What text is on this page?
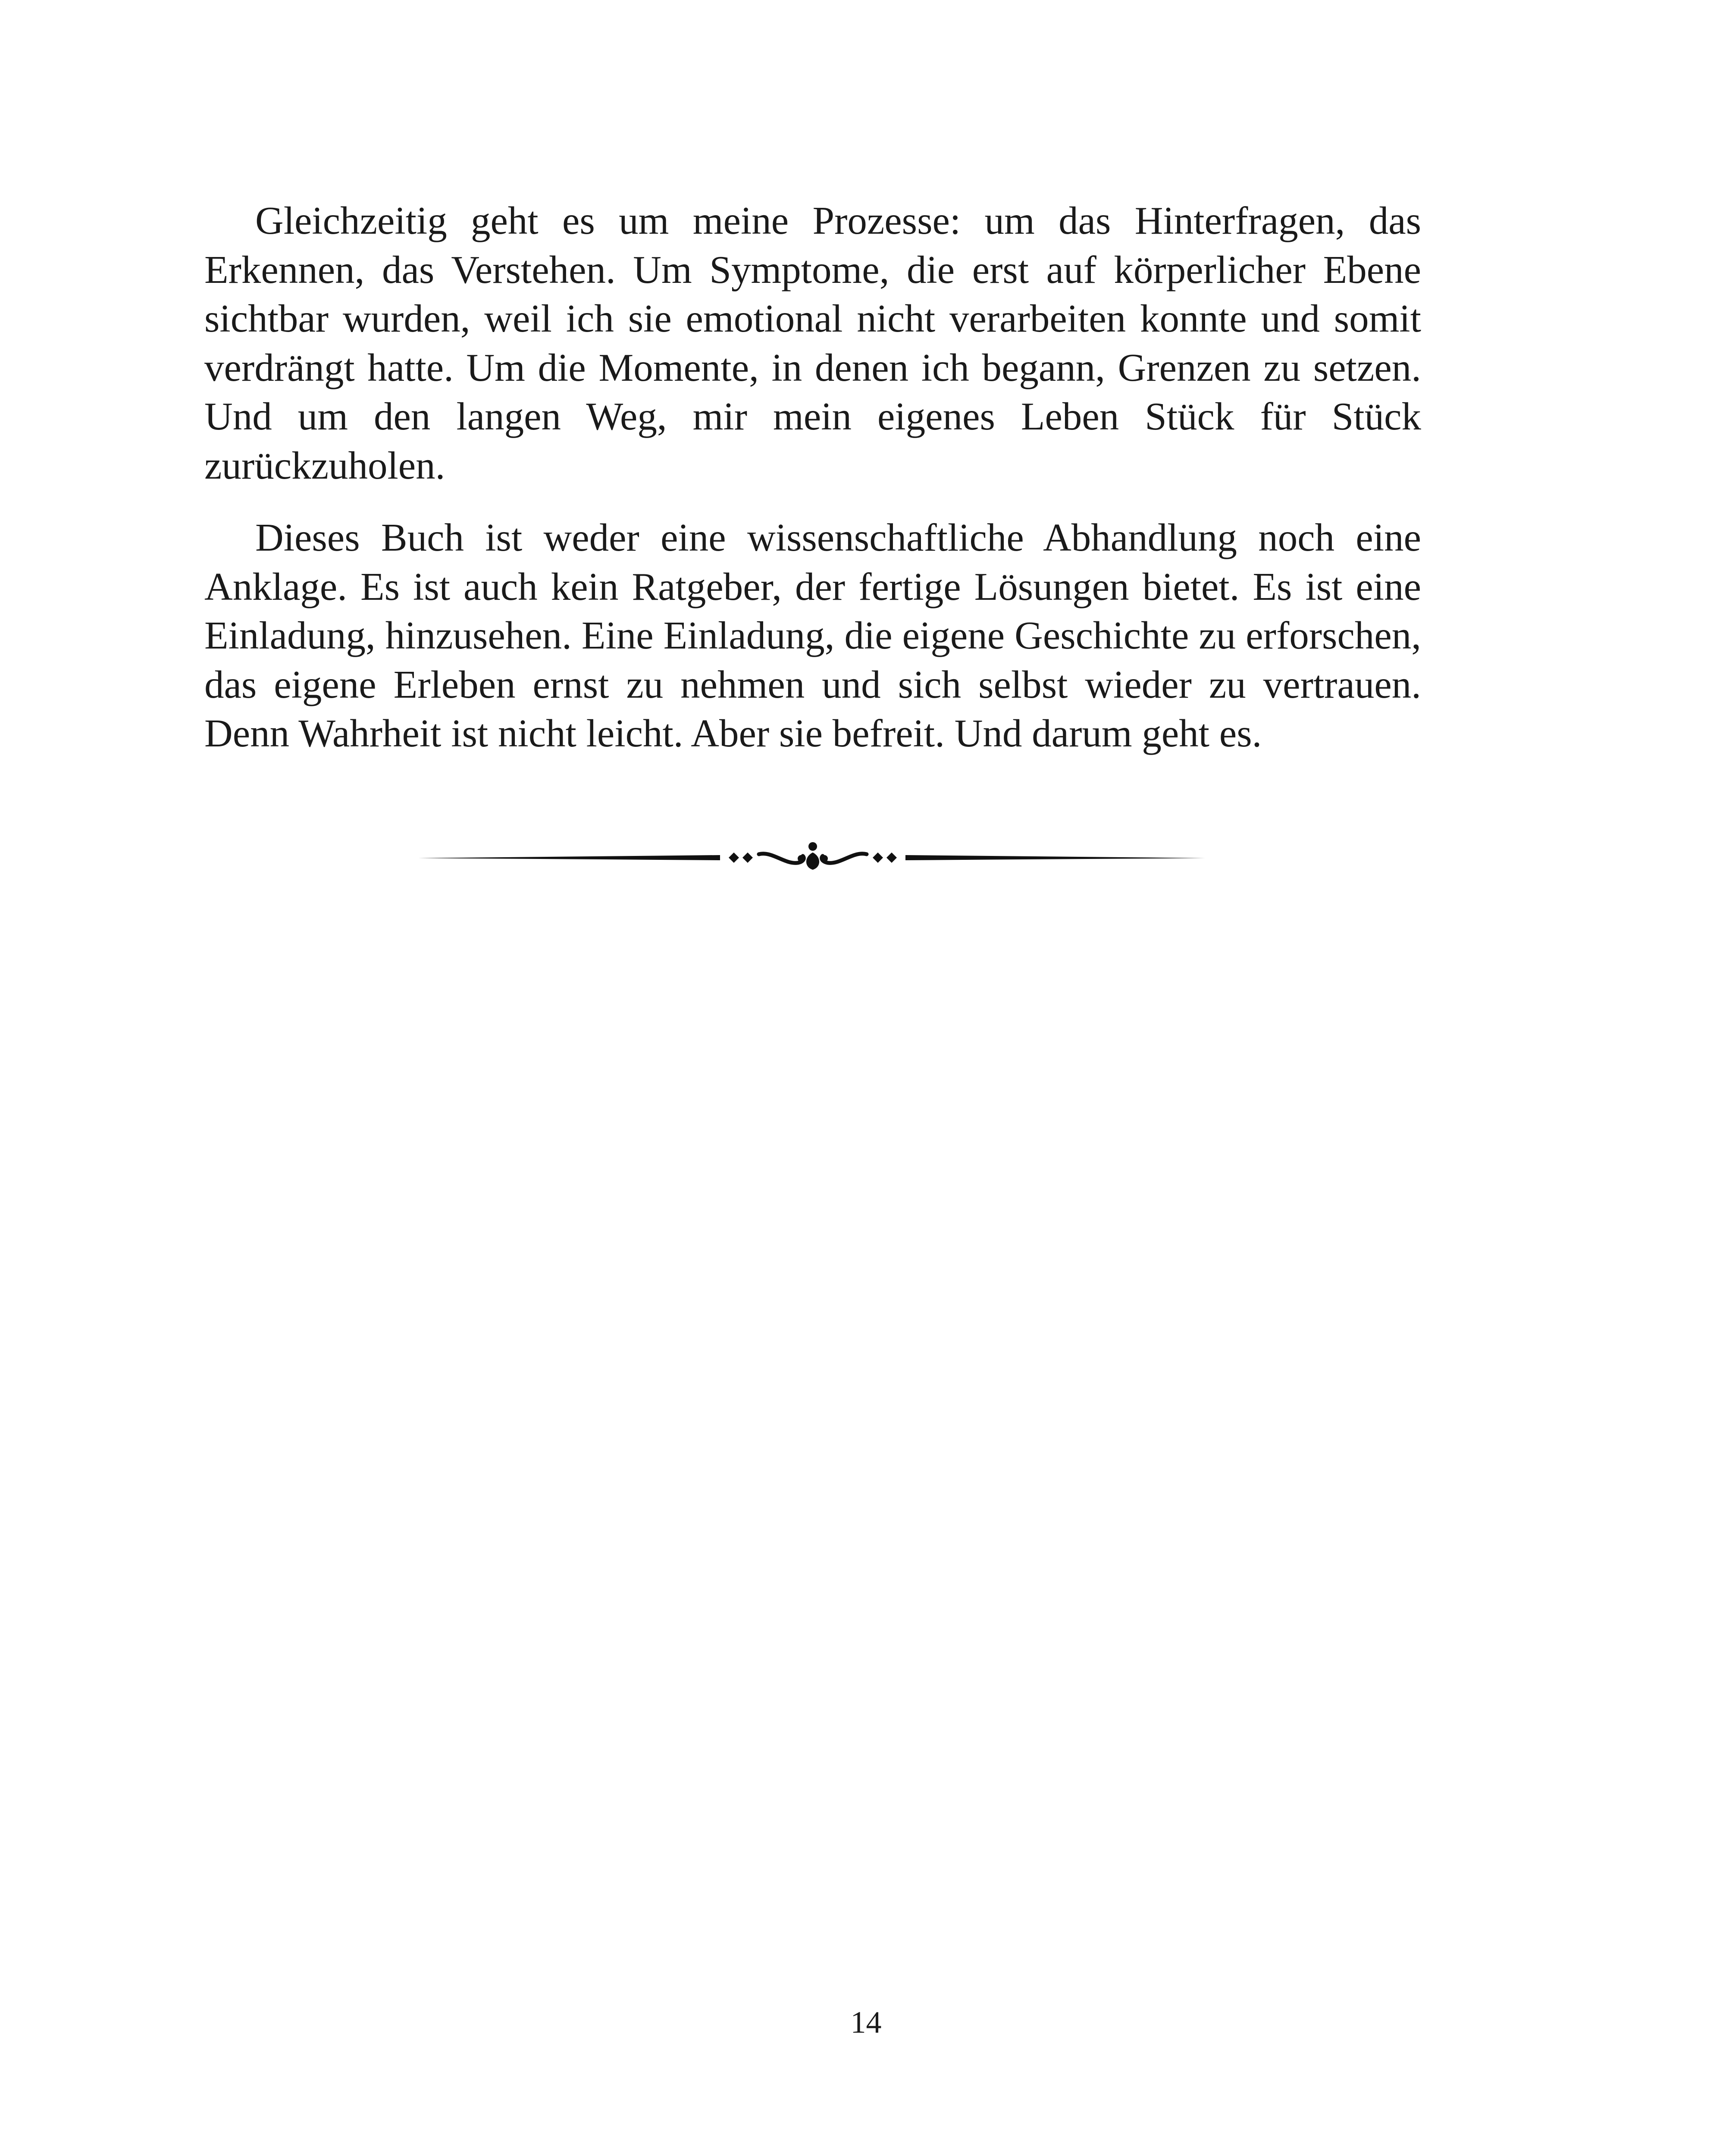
Gleichzeitig geht es um meine Prozesse: um das Hinterfragen, das Erkennen, das Verstehen. Um Symptome, die erst auf körperlicher Ebene sichtbar wurden, weil ich sie emotional nicht verarbeiten konnte und somit verdrängt hatte. Um die Momente, in denen ich begann, Grenzen zu setzen. Und um den langen Weg, mir mein eigenes Leben Stück für Stück zurückzuholen.

Dieses Buch ist weder eine wissenschaftliche Abhandlung noch eine Anklage. Es ist auch kein Ratgeber, der fertige Lösungen bietet. Es ist eine Einladung, hinzusehen. Eine Einladung, die eigene Geschichte zu erforschen, das eigene Erleben ernst zu nehmen und sich selbst wieder zu vertrauen. Denn Wahrheit ist nicht leicht. Aber sie befreit. Und darum geht es.

14
